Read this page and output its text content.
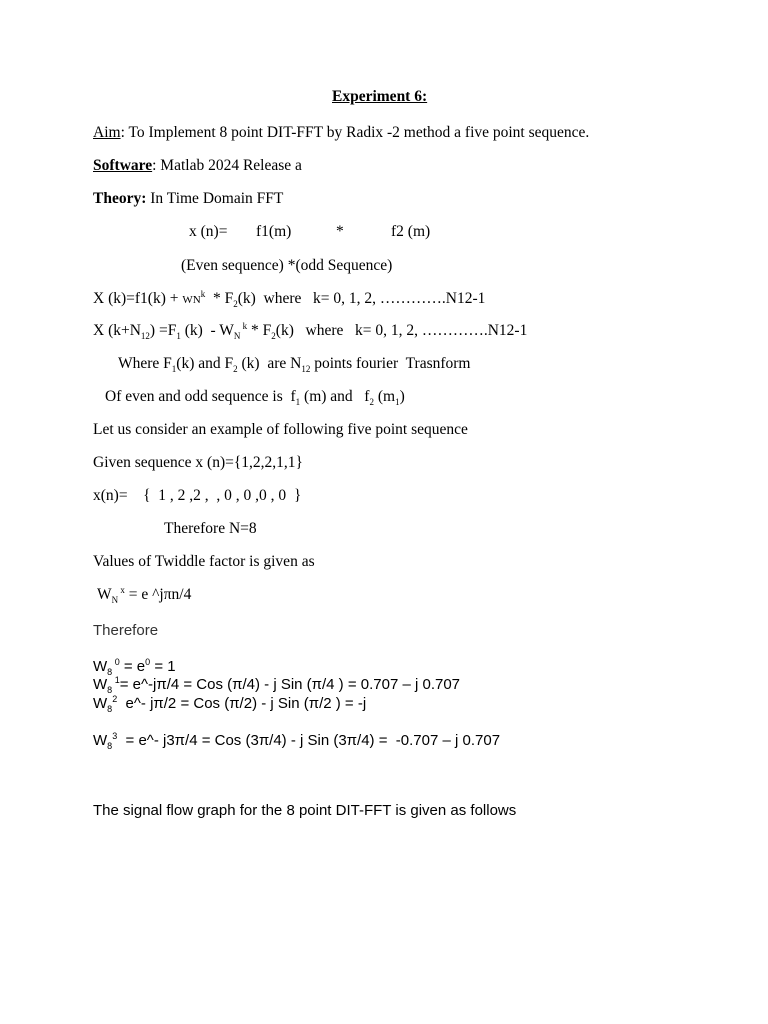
Experiment 6:
Aim: To Implement 8 point DIT-FFT by Radix -2 method a five point sequence.
Software: Matlab 2024 Release a
Theory: In Time Domain FFT
x (n)= f1(m)	*	f2 (m)
(Even sequence) *(odd Sequence)
X $(k)=f1(k) + WN^k * F_2(k)$  where   k= 0, 1, 2, ………….N12-1
X $(k+N_{12}) =F_1$ $(k) - W_N$ $^k * F_2(k)$   where   k= 0, 1, 2, ………….N12-1
Where $F_1(k)$ and $F_2$ (k)  are $N_{12}$ points fourier  Trasnform
Of even and odd sequence is  $f_1$ (m) and   $f_2$ $(m_1)$
Let us consider an example of following five point sequence
Given sequence x (n)={1,2,2,1,1}
x(n)=    {  1 , 2 ,2 ,  , 0 , 0 ,0 , 0  }
Therefore N=8
Values of Twiddle factor is given as
$W_N$ $^x$ = e ^jπn/4
Therefore
$W_8$ $^0 = e^0 = 1$
$W_8$ $^1$= e^-jπ/4 = Cos (π/4) - j Sin (π/4 ) = 0.707 – j 0.707
$W_8^2$  e^- jπ/2 = Cos (π/2) - j Sin (π/2 ) = -j
$W_8^3$  = e^- j3π/4 = Cos (3π/4) - j Sin (3π/4) =  -0.707 – j 0.707
The signal flow graph for the 8 point DIT-FFT is given as follows
